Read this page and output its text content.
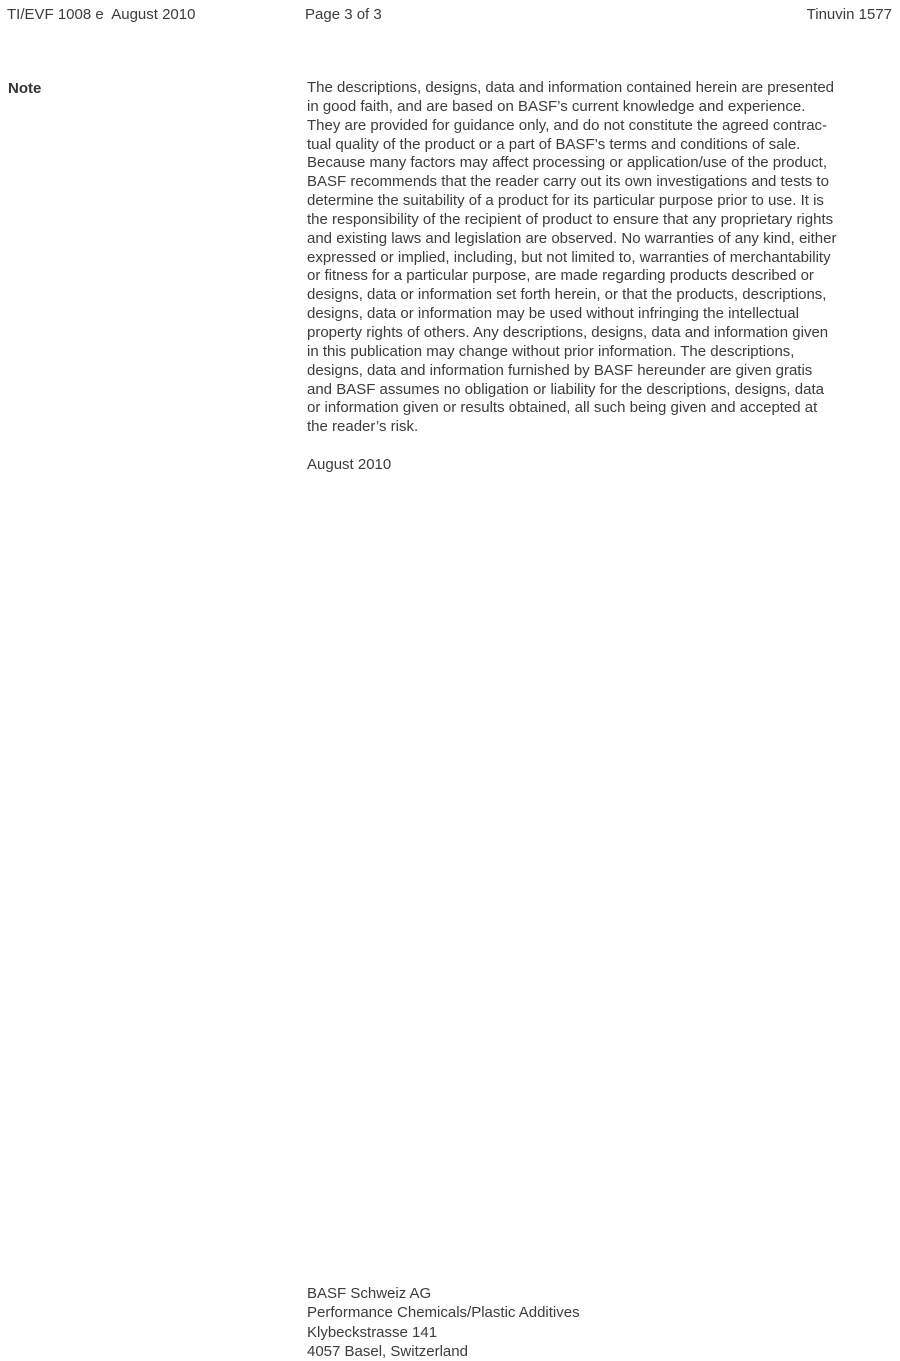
TI/EVF 1008 e  August 2010	Page 3 of 3	Tinuvin 1577
Note	The descriptions, designs, data and information contained herein are presented
in good faith, and are based on BASF’s current knowledge and experience.
They are provided for guidance only, and do not constitute the agreed contrac-
tual quality of the product or a part of BASF’s terms and conditions of sale.
Because many factors may affect processing or application/use of the product,
BASF recommends that the reader carry out its own investigations and tests to
determine the suitability of a product for its particular purpose prior to use. It is
the responsibility of the recipient of product to ensure that any proprietary rights
and existing laws and legislation are observed. No warranties of any kind, either
expressed or implied, including, but not limited to, warranties of merchantability
or fitness for a particular purpose, are made regarding products described or
designs, data or information set forth herein, or that the products, descriptions,
designs, data or information may be used without infringing the intellectual
property rights of others. Any descriptions, designs, data and information given
in this publication may change without prior information. The descriptions,
designs, data and information furnished by BASF hereunder are given gratis
and BASF assumes no obligation or liability for the descriptions, designs, data
or information given or results obtained, all such being given and accepted at
the reader’s risk.
August 2010
BASF Schweiz AG
Performance Chemicals/Plastic Additives
Klybeckstrasse 141
4057 Basel, Switzerland
